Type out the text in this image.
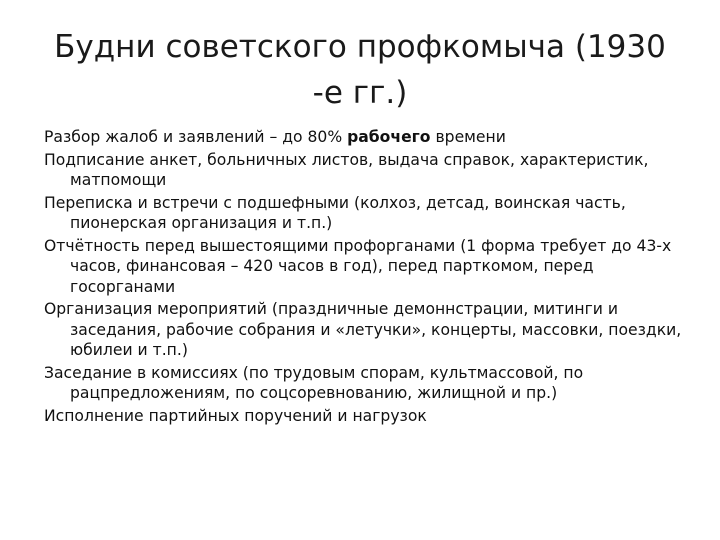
Будни советского профкомыча (1930
-е гг.)
Разбор жалоб и заявлений – до 80% рабочего времени
Подписание анкет, больничных листов, выдача справок, характеристик, матпомощи
Переписка и встречи с подшефными (колхоз, детсад, воинская часть, пионерская организация и т.п.)
Отчётность перед вышестоящими профорганами (1 форма требует до 43-х часов, финансовая – 420 часов в год), перед парткомом, перед госорганами
Организация мероприятий (праздничные демоннстрации, митинги и заседания, рабочие собрания и «летучки», концерты, массовки, поездки, юбилеи и т.п.)
Заседание в комиссиях (по трудовым спорам, культмассовой, по рацпредложениям, по соцсоревнованию, жилищной и пр.)
Исполнение партийных поручений и нагрузок
